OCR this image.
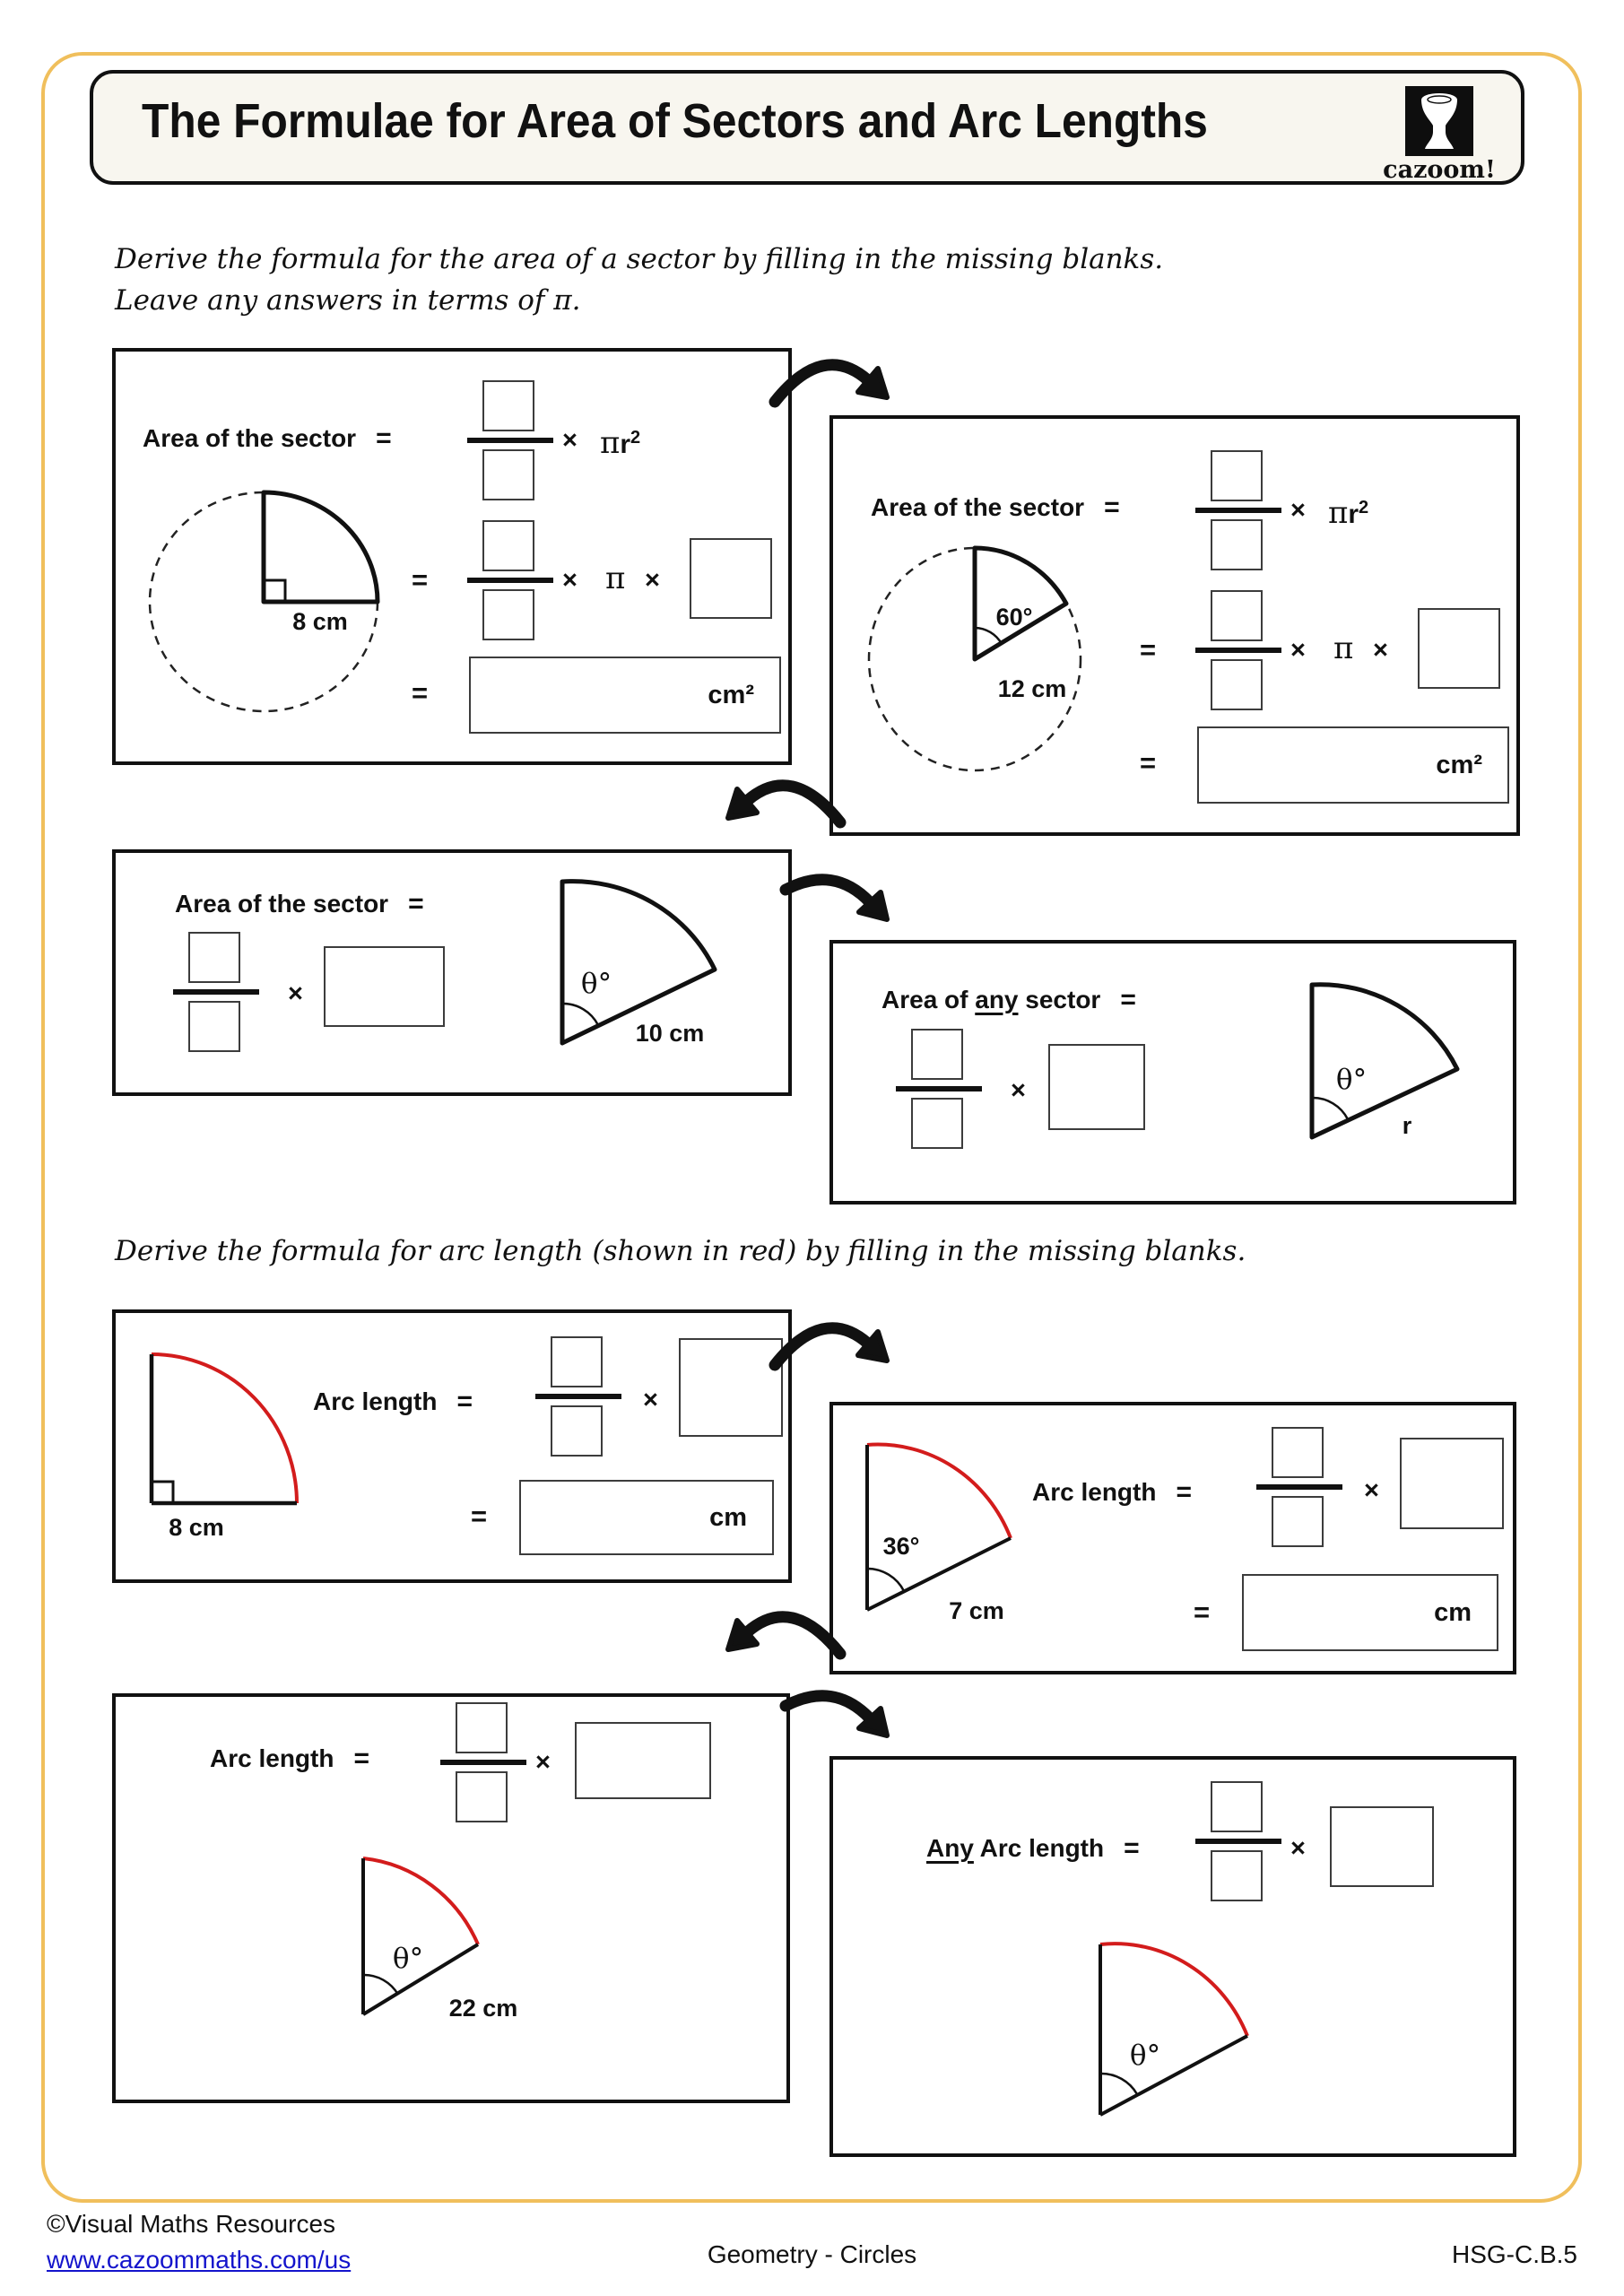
The Formulae for Area of Sectors and Arc Lengths
cazoom!
Derive the formula for the area of a sector by filling in the missing blanks.
Leave any answers in terms of π.
Area of the sector =	× $\pi r^2$
8 cm
=	× π ×
=	cm²
Area of the sector =	× $\pi r^2$
60°
12 cm
=	× π ×
=	cm²
Area of the sector =
×	θ°
10 cm
Area of any sector =
×	θ°
r
Derive the formula for arc length (shown in red) by filling in the missing blanks.
8 cm
Arc length =	×
=	cm
36°
7 cm
Arc length =	×
=	cm
Arc length =	×
θ°
22 cm
Any Arc length =	×
θ°
©Visual Maths Resources
www.cazoommaths.com/us	Geometry - Circles	HSG-C.B.5
